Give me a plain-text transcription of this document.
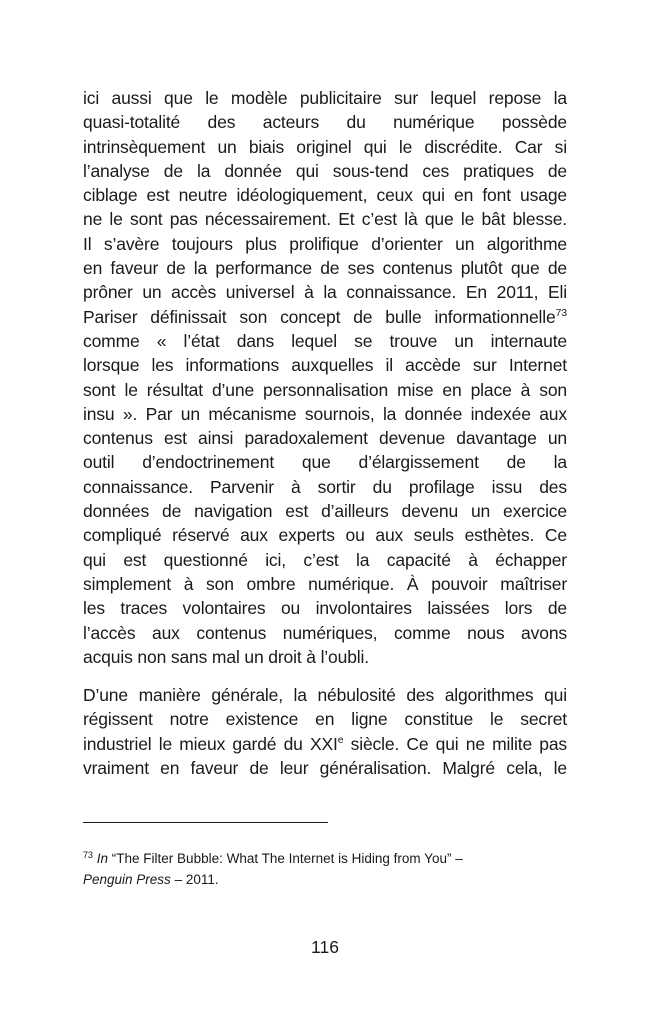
ici aussi que le modèle publicitaire sur lequel repose la
quasi-totalité des acteurs du numérique possède
intrinsèquement un biais originel qui le discrédite. Car si
l’analyse de la donnée qui sous-tend ces pratiques de
ciblage est neutre idéologiquement, ceux qui en font usage
ne le sont pas nécessairement. Et c’est là que le bât blesse.
Il s’avère toujours plus prolifique d’orienter un algorithme
en faveur de la performance de ses contenus plutôt que de
prôner un accès universel à la connaissance. En 2011, Eli
Pariser définissait son concept de bulle informationnelle$^{73}$
comme « l’état dans lequel se trouve un internaute
lorsque les informations auxquelles il accède sur Internet
sont le résultat d’une personnalisation mise en place à son
insu ». Par un mécanisme sournois, la donnée indexée aux
contenus est ainsi paradoxalement devenue davantage un
outil d’endoctrinement que d’élargissement de la
connaissance. Parvenir à sortir du profilage issu des
données de navigation est d’ailleurs devenu un exercice
compliqué réservé aux experts ou aux seuls esthètes. Ce
qui est questionné ici, c’est la capacité à échapper
simplement à son ombre numérique. À pouvoir maîtriser
les traces volontaires ou involontaires laissées lors de
l’accès aux contenus numériques, comme nous avons
acquis non sans mal un droit à l’oubli.

D’une manière générale, la nébulosité des algorithmes qui
régissent notre existence en ligne constitue le secret
industriel le mieux gardé du XXIe siècle. Ce qui ne milite pas
vraiment en faveur de leur généralisation. Malgré cela, le

$^{73}$ In “The Filter Bubble: What The Internet is Hiding from You” –
Penguin Press – 2011.
116
